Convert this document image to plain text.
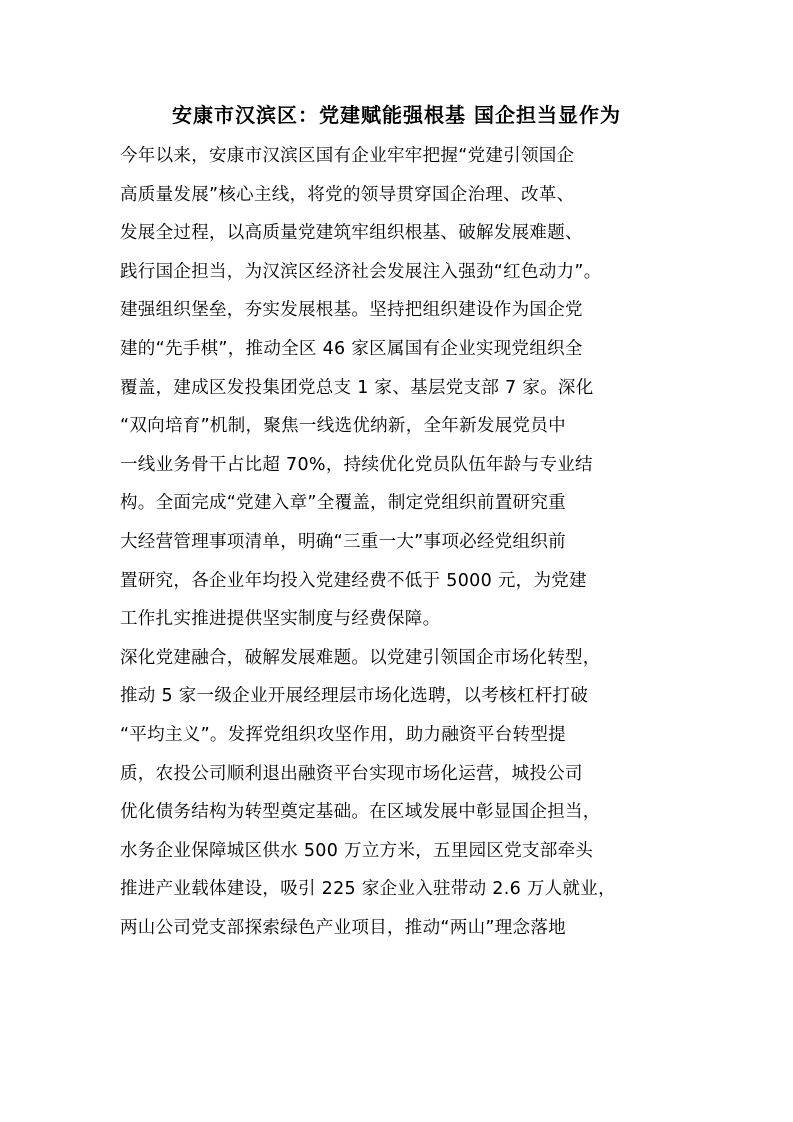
安康市汉滨区：党建赋能强根基 国企担当显作为
今年以来，安康市汉滨区国有企业牢牢把握“党建引领国企
高质量发展”核心主线，将党的领导贯穿国企治理、改革、
发展全过程，以高质量党建筑牢组织根基、破解发展难题、
践行国企担当，为汉滨区经济社会发展注入强劲“红色动力”。
建强组织堡垒，夯实发展根基。坚持把组织建设作为国企党
建的“先手棋”，推动全区 46 家区属国有企业实现党组织全
覆盖，建成区发投集团党总支 1 家、基层党支部 7 家。深化
“双向培育”机制，聚焦一线选优纳新，全年新发展党员中
一线业务骨干占比超 70%，持续优化党员队伍年龄与专业结
构。全面完成“党建入章”全覆盖，制定党组织前置研究重
大经营管理事项清单，明确“三重一大”事项必经党组织前
置研究，各企业年均投入党建经费不低于 5000 元，为党建
工作扎实推进提供坚实制度与经费保障。
深化党建融合，破解发展难题。以党建引领国企市场化转型，
推动 5 家一级企业开展经理层市场化选聘，以考核杠杆打破
“平均主义”。发挥党组织攻坚作用，助力融资平台转型提
质，农投公司顺利退出融资平台实现市场化运营，城投公司
优化债务结构为转型奠定基础。在区域发展中彰显国企担当，
水务企业保障城区供水 500 万立方米，五里园区党支部牵头
推进产业载体建设，吸引 225 家企业入驻带动 2.6 万人就业，
两山公司党支部探索绿色产业项目，推动“两山”理念落地
